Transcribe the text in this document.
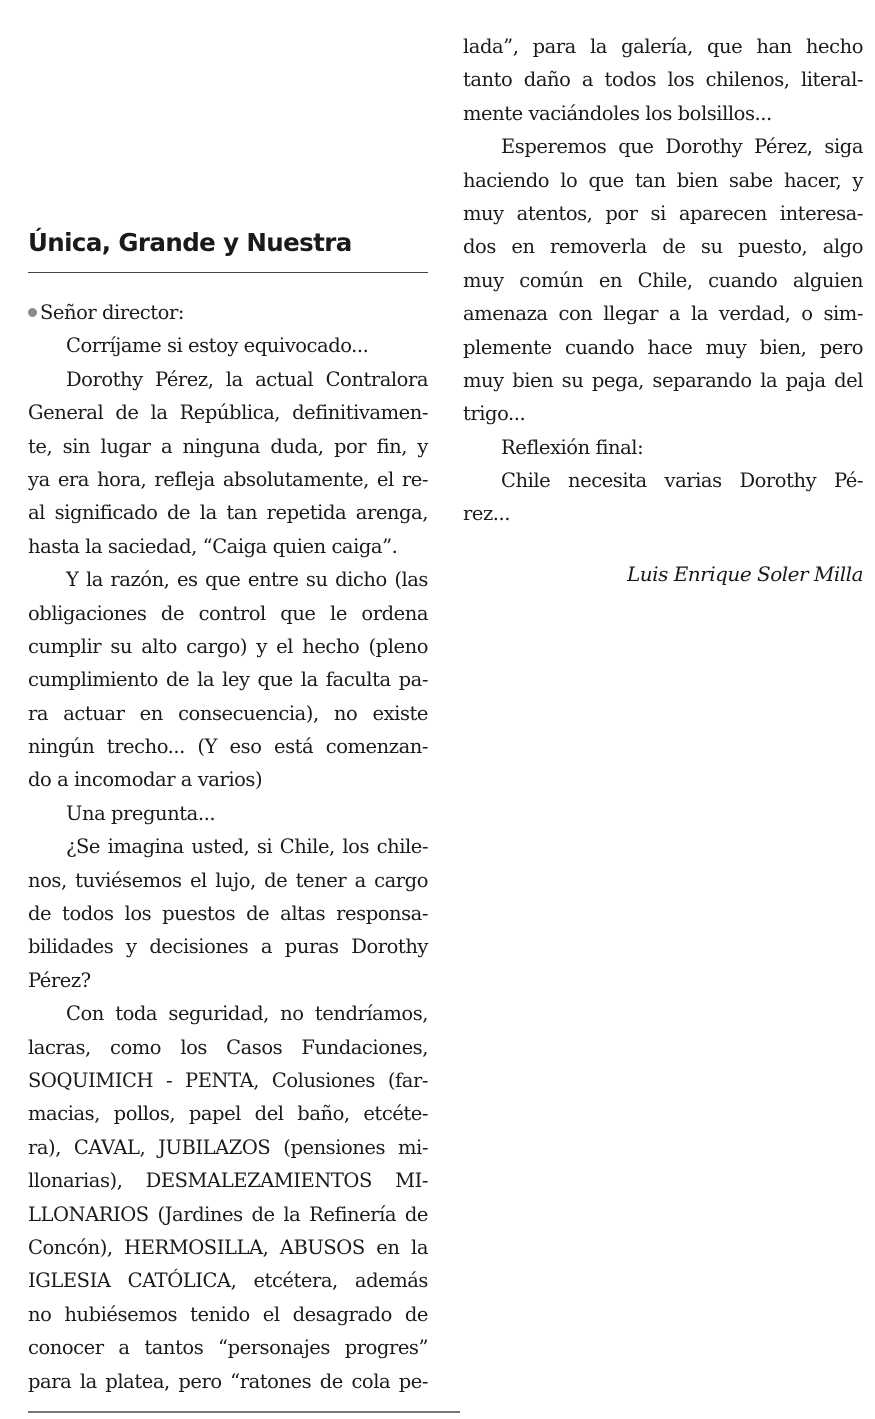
Única, Grande y Nuestra
Señor director:
Corríjame si estoy equivocado...
Dorothy Pérez, la actual Contralora
General de la República, definitivamen-
te, sin lugar a ninguna duda, por fin, y
ya era hora, refleja absolutamente, el re-
al significado de la tan repetida arenga,
hasta la saciedad, “Caiga quien caiga”.
Y la razón, es que entre su dicho (las
obligaciones de control que le ordena
cumplir su alto cargo) y el hecho (pleno
cumplimiento de la ley que la faculta pa-
ra actuar en consecuencia), no existe
ningún trecho... (Y eso está comenzan-
do a incomodar a varios)
Una pregunta...
¿Se imagina usted, si Chile, los chile-
nos, tuviésemos el lujo, de tener a cargo
de todos los puestos de altas responsa-
bilidades y decisiones a puras Dorothy
Pérez?
Con toda seguridad, no tendríamos,
lacras, como los Casos Fundaciones,
SOQUIMICH - PENTA, Colusiones (far-
macias, pollos, papel del baño, etcéte-
ra), CAVAL, JUBILAZOS (pensiones mi-
llonarias), DESMALEZAMIENTOS MI-
LLONARIOS (Jardines de la Refinería de
Concón), HERMOSILLA, ABUSOS en la
IGLESIA CATÓLICA, etcétera, además
no hubiésemos tenido el desagrado de
conocer a tantos “personajes progres”
para la platea, pero “ratones de cola pe-
lada”, para la galería, que han hecho
tanto daño a todos los chilenos, literal-
mente vaciándoles los bolsillos...
Esperemos que Dorothy Pérez, siga
haciendo lo que tan bien sabe hacer, y
muy atentos, por si aparecen interesa-
dos en removerla de su puesto, algo
muy común en Chile, cuando alguien
amenaza con llegar a la verdad, o sim-
plemente cuando hace muy bien, pero
muy bien su pega, separando la paja del
trigo...
Reflexión final:
Chile necesita varias Dorothy Pé-
rez...
Luis Enrique Soler Milla
